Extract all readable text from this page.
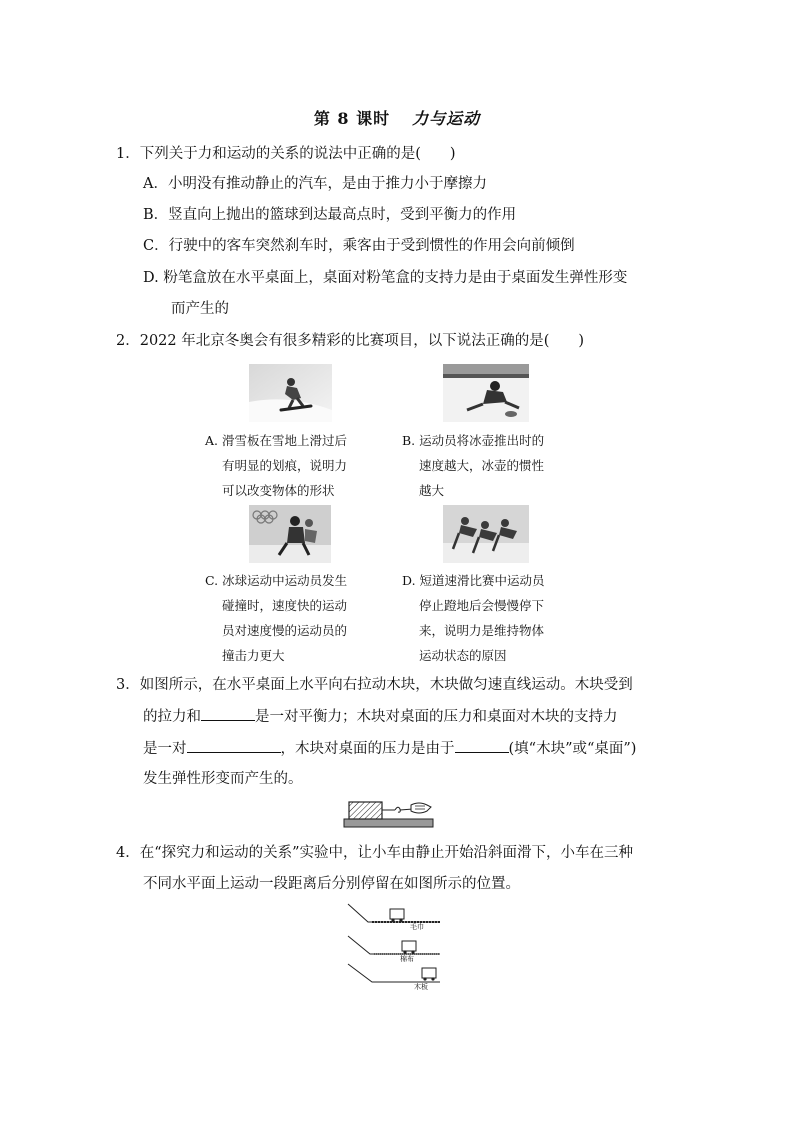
第 8 课时 力与运动
1．下列关于力和运动的关系的说法中正确的是(　　)
A．小明没有推动静止的汽车，是由于推力小于摩擦力
B．竖直向上抛出的篮球到达最高点时，受到平衡力的作用
C．行驶中的客车突然刹车时，乘客由于受到惯性的作用会向前倾倒
D. 粉笔盒放在水平桌面上，桌面对粉笔盒的支持力是由于桌面发生弹性形变
而产生的
2．2022 年北京冬奥会有很多精彩的比赛项目，以下说法正确的是(　　)
A. 滑雪板在雪地上滑过后
有明显的划痕，说明力
可以改变物体的形状
B. 运动员将冰壶推出时的
速度越大，冰壶的惯性
越大
C. 冰球运动中运动员发生
碰撞时，速度快的运动
员对速度慢的运动员的
撞击力更大
D. 短道速滑比赛中运动员
停止蹬地后会慢慢停下
来，说明力是维持物体
运动状态的原因
3．如图所示，在水平桌面上水平向右拉动木块，木块做匀速直线运动。木块受到
的拉力和	是一对平衡力；木块对桌面的压力和桌面对木块的支持力
是一对	，木块对桌面的压力是由于	(填“木块”或“桌面”)
发生弹性形变而产生的。
4．在“探究力和运动的关系”实验中，让小车由静止开始沿斜面滑下，小车在三种
不同水平面上运动一段距离后分别停留在如图所示的位置。
毛巾
棉布
木板
